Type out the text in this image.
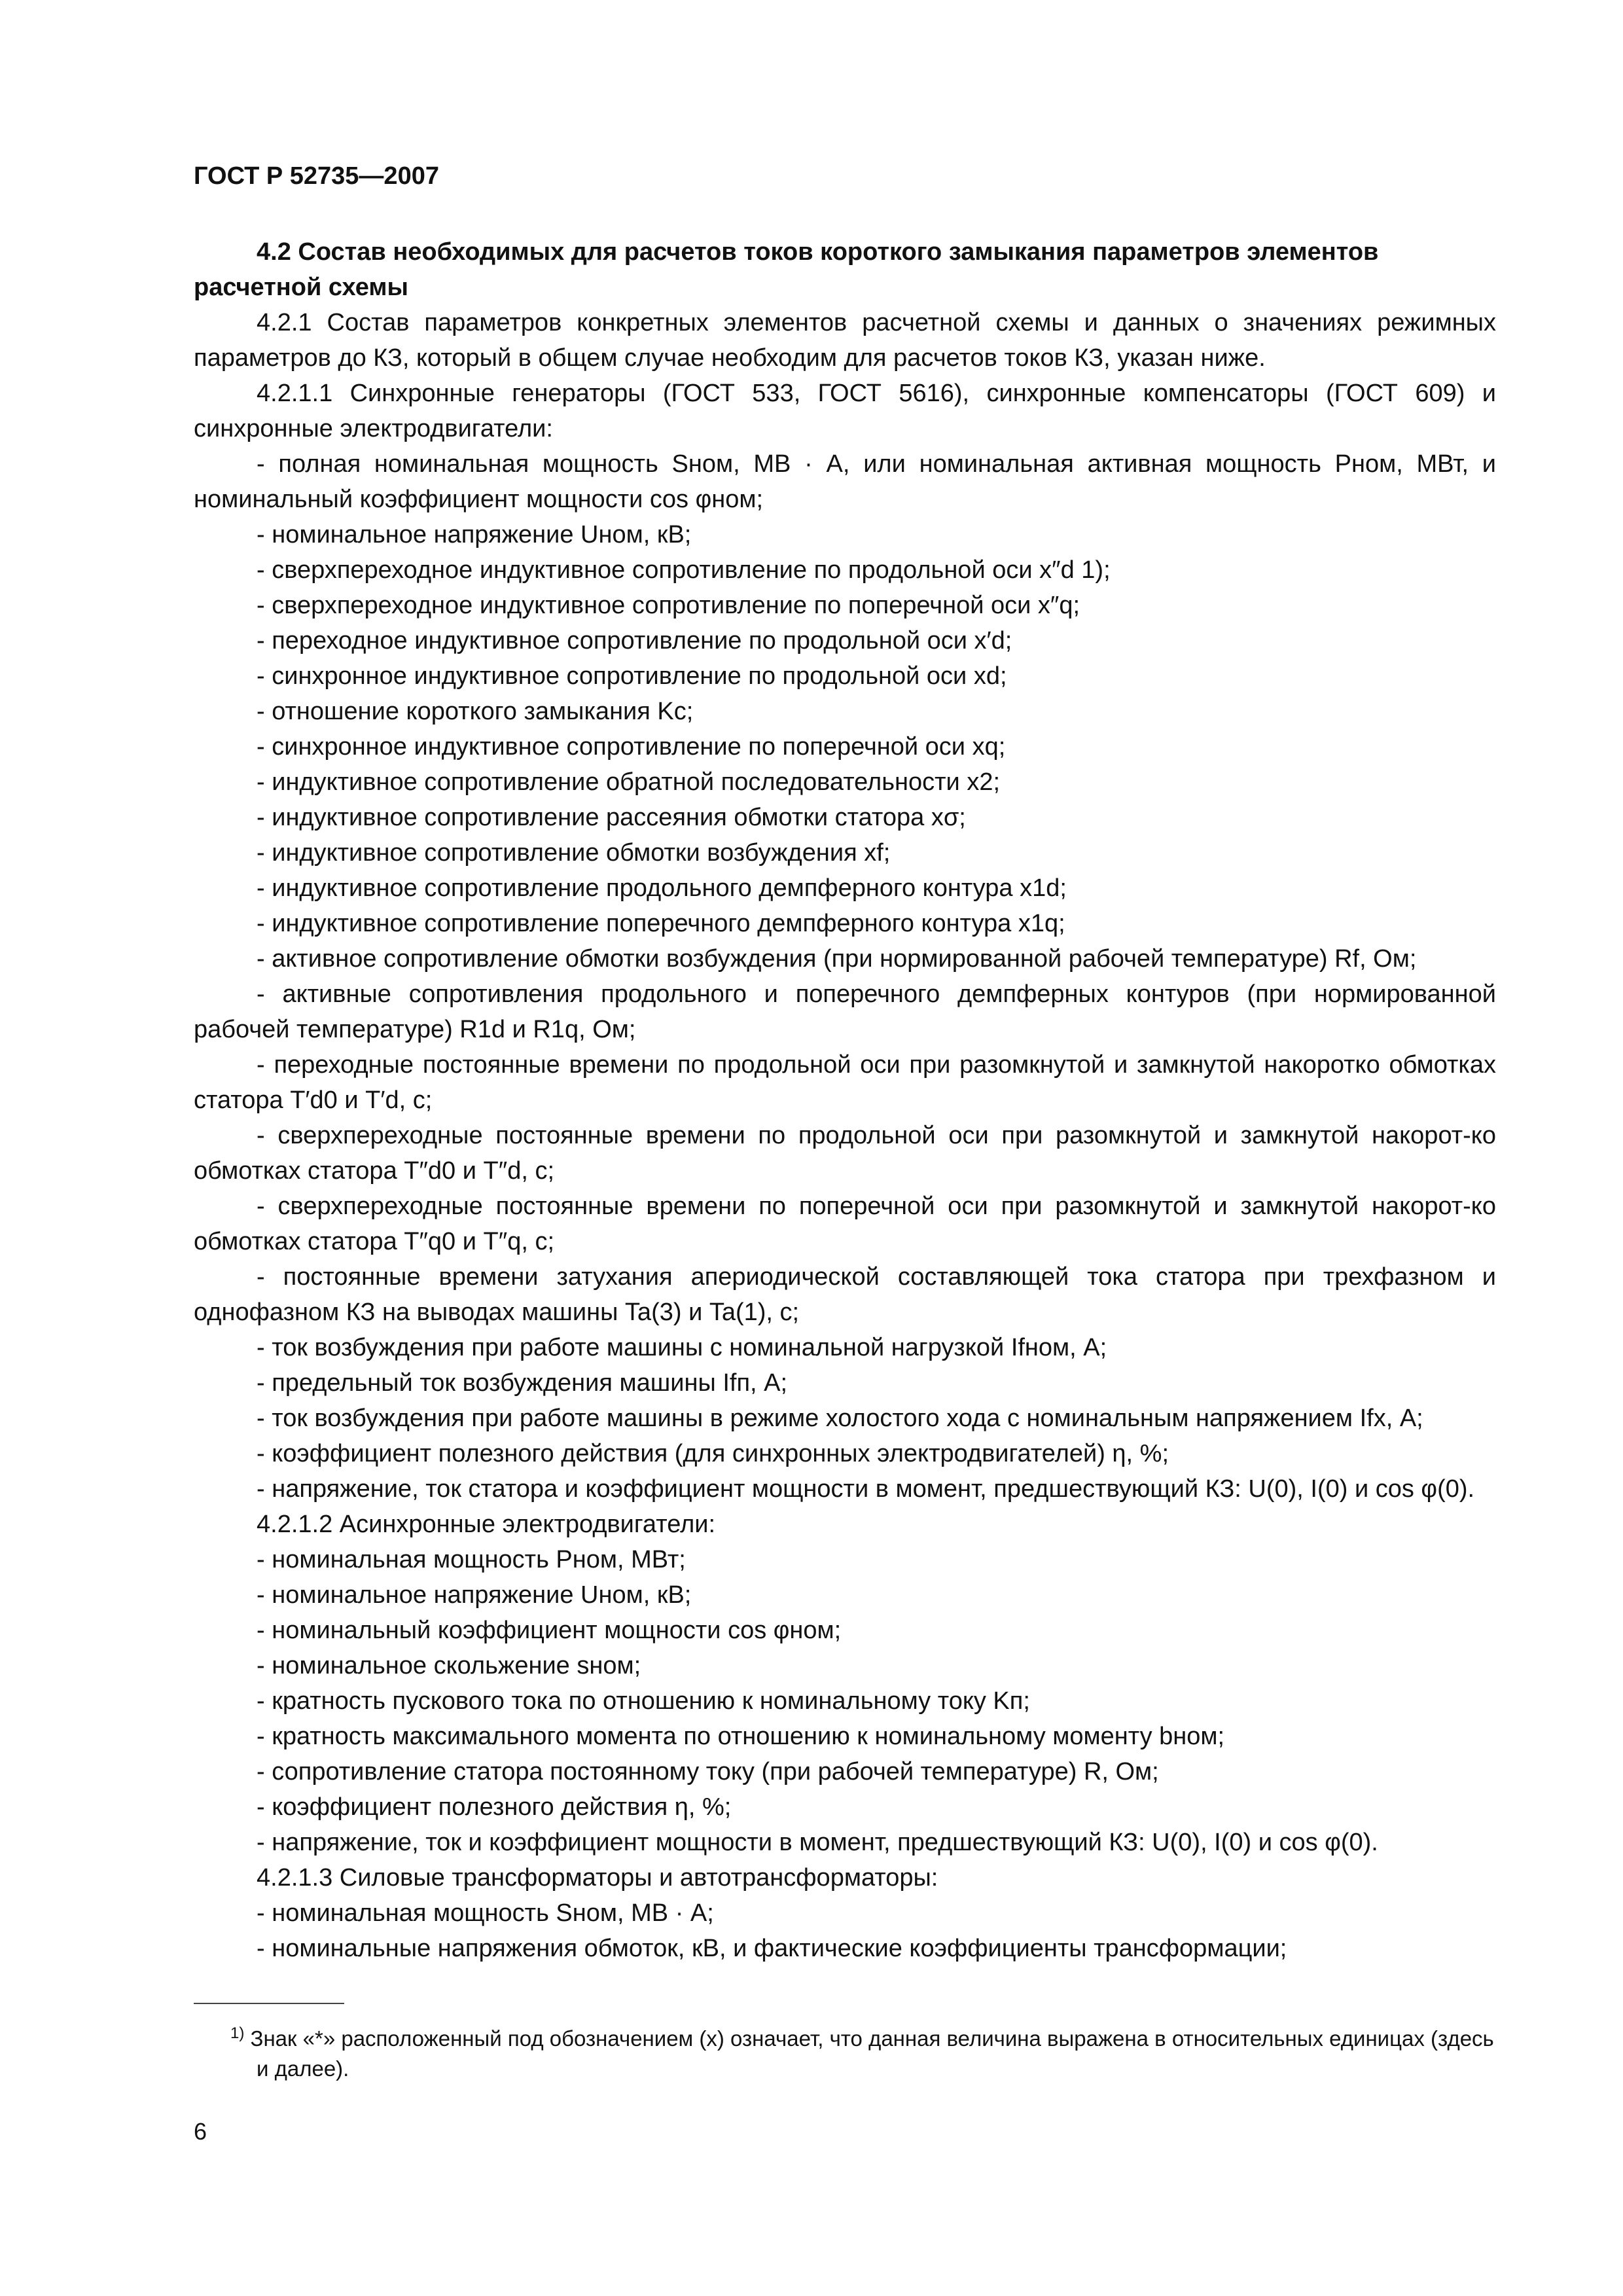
ГОСТ Р 52735—2007

4.2 Состав необходимых для расчетов токов короткого замыкания параметров элементов расчетной схемы

4.2.1 Состав параметров конкретных элементов расчетной схемы и данных о значениях режимных параметров до КЗ, который в общем случае необходим для расчетов токов КЗ, указан ниже.

4.2.1.1 Синхронные генераторы (ГОСТ 533, ГОСТ 5616), синхронные компенсаторы (ГОСТ 609) и синхронные электродвигатели:

- полная номинальная мощность Sном, МВ · А, или номинальная активная мощность Pном, МВт, и номинальный коэффициент мощности cos φном;

- номинальное напряжение Uном, кВ;

- сверхпереходное индуктивное сопротивление по продольной оси x″d 1);

- сверхпереходное индуктивное сопротивление по поперечной оси x″q;

- переходное индуктивное сопротивление по продольной оси x′d;

- синхронное индуктивное сопротивление по продольной оси xd;

- отношение короткого замыкания Kc;

- синхронное индуктивное сопротивление по поперечной оси xq;

- индуктивное сопротивление обратной последовательности x2;

- индуктивное сопротивление рассеяния обмотки статора xσ;

- индуктивное сопротивление обмотки возбуждения xf;

- индуктивное сопротивление продольного демпферного контура x1d;

- индуктивное сопротивление поперечного демпферного контура x1q;

- активное сопротивление обмотки возбуждения (при нормированной рабочей температуре) Rf, Ом;

- активные сопротивления продольного и поперечного демпферных контуров (при нормированной рабочей температуре) R1d и R1q, Ом;

- переходные постоянные времени по продольной оси при разомкнутой и замкнутой накоротко обмотках статора T′d0 и T′d, с;

- сверхпереходные постоянные времени по продольной оси при разомкнутой и замкнутой накорот-ко обмотках статора T″d0 и T″d, с;

- сверхпереходные постоянные времени по поперечной оси при разомкнутой и замкнутой накорот-ко обмотках статора T″q0 и T″q, с;

- постоянные времени затухания апериодической составляющей тока статора при трехфазном и однофазном КЗ на выводах машины Ta(3) и Ta(1), с;

- ток возбуждения при работе машины с номинальной нагрузкой Ifном, А;

- предельный ток возбуждения машины Ifп, А;

- ток возбуждения при работе машины в режиме холостого хода с номинальным напряжением Ifx, А;

- коэффициент полезного действия (для синхронных электродвигателей) η, %;

- напряжение, ток статора и коэффициент мощности в момент, предшествующий КЗ: U(0), I(0) и cos φ(0).

4.2.1.2 Асинхронные электродвигатели:

- номинальная мощность Pном, МВт;

- номинальное напряжение Uном, кВ;

- номинальный коэффициент мощности cos φном;

- номинальное скольжение sном;

- кратность пускового тока по отношению к номинальному току Kп;

- кратность максимального момента по отношению к номинальному моменту bном;

- сопротивление статора постоянному току (при рабочей температуре) R, Ом;

- коэффициент полезного действия η, %;

- напряжение, ток и коэффициент мощности в момент, предшествующий КЗ: U(0), I(0) и cos φ(0).

4.2.1.3 Силовые трансформаторы и автотрансформаторы:

- номинальная мощность Sном, МВ · А;

- номинальные напряжения обмоток, кВ, и фактические коэффициенты трансформации;

$^{1)}$ Знак «*» расположенный под обозначением (x) означает, что данная величина выражена в относительных единицах (здесь и далее).
6
